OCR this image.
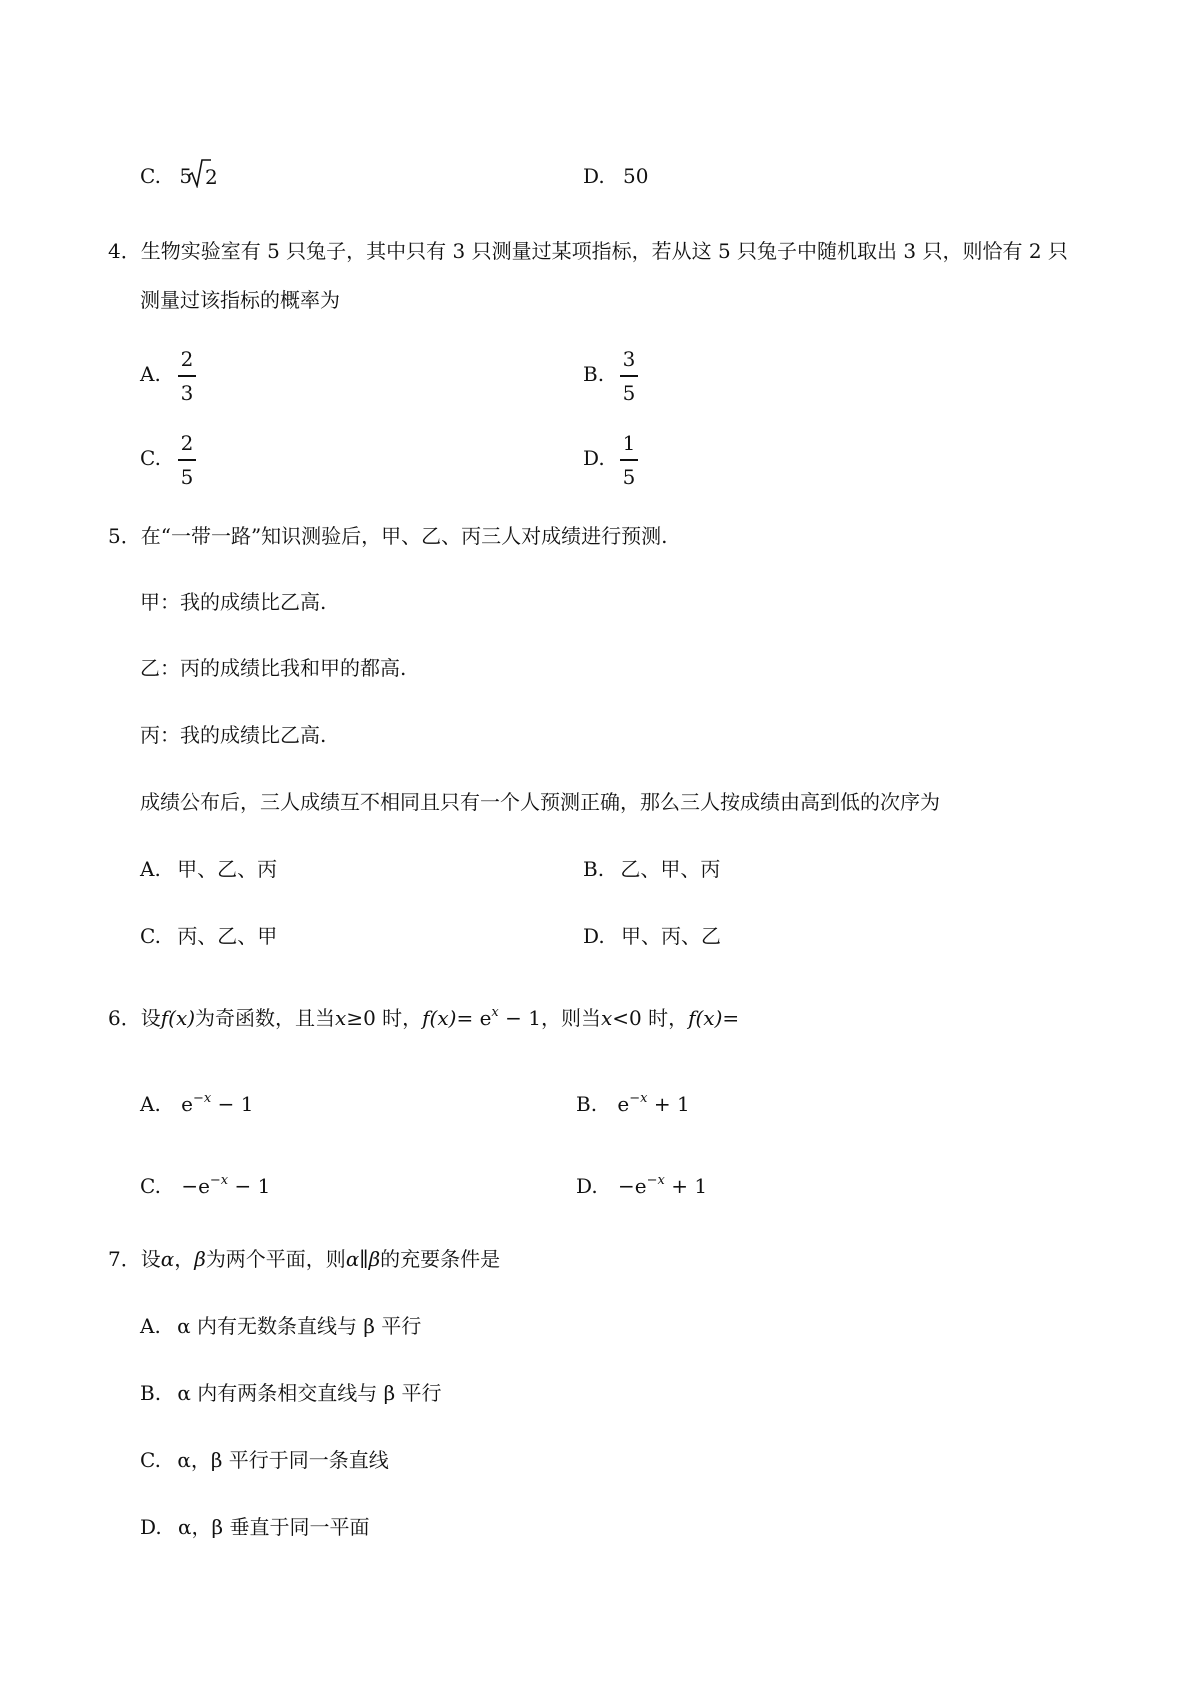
C. 5 2	D. 50
4．生物实验室有 5 只兔子，其中只有 3 只测量过某项指标，若从这 5 只兔子中随机取出 3 只，则恰有 2 只
测量过该指标的概率为
A.
2
3
B.
3
5
C.
2
5
D.
1
5
5．在“一带一路”知识测验后，甲、乙、丙三人对成绩进行预测.
甲：我的成绩比乙高.
乙：丙的成绩比我和甲的都高.
丙：我的成绩比乙高.
成绩公布后，三人成绩互不相同且只有一个人预测正确，那么三人按成绩由高到低的次序为
A. 甲、乙、丙	B. 乙、甲、丙
C. 丙、乙、甲	D. 甲、丙、乙
6．设f(x)为奇函数，且当x≥0 时，$f(x)= e^x - 1$，则当x<0 时，f(x)=
A. $e^{-x} - 1$	B. $e^{-x} + 1$
C. $-e^{-x} - 1$	D. $-e^{-x} + 1$
7．设α，β为两个平面，则α∥β的充要条件是
A. α 内有无数条直线与 β 平行
B. α 内有两条相交直线与 β 平行
C. α，β 平行于同一条直线
D. α，β 垂直于同一平面
